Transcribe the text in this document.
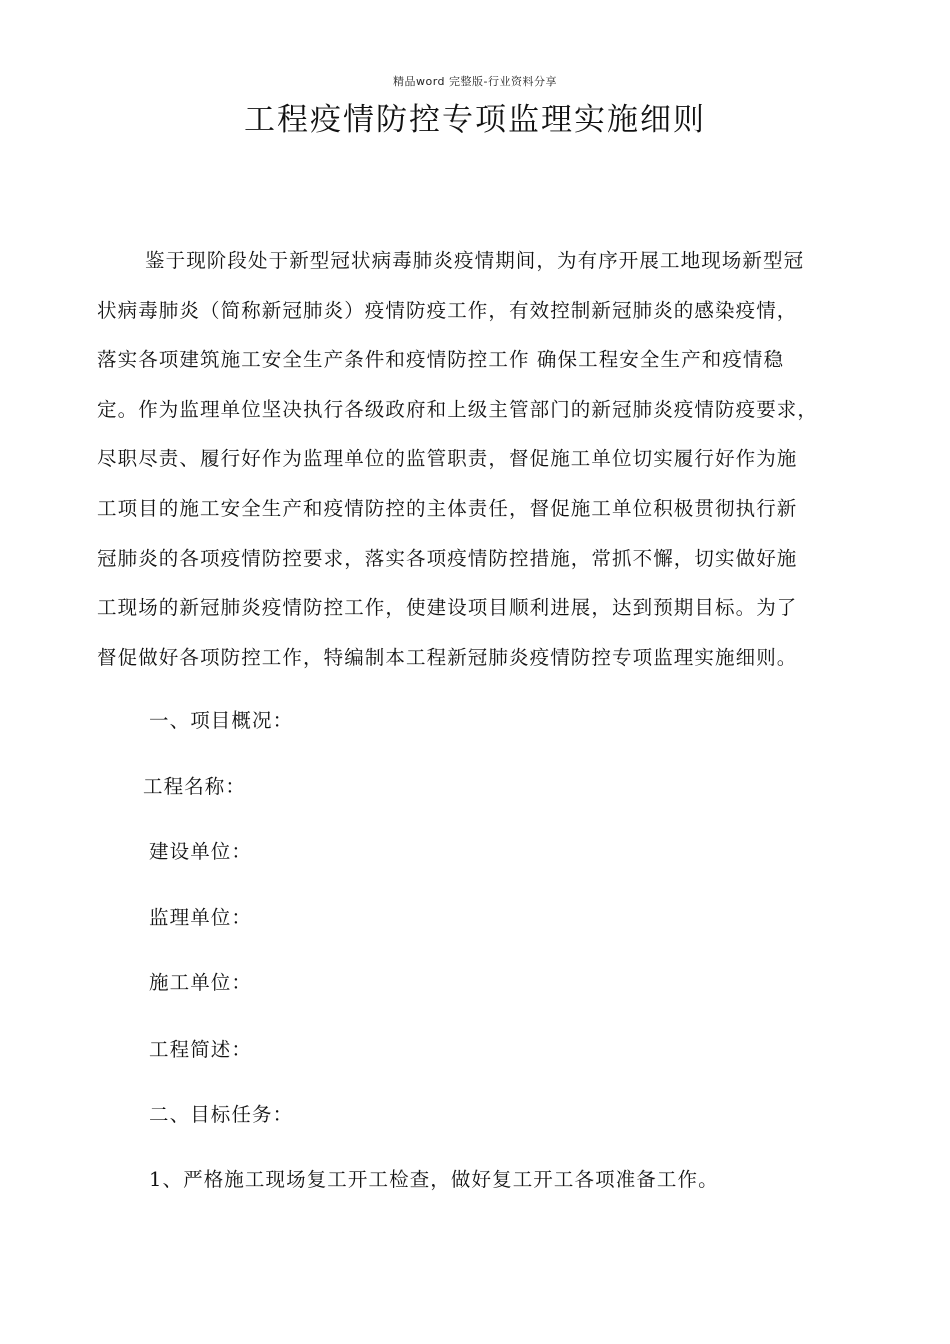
精品word 完整版-行业资料分享
工程疫情防控专项监理实施细则
鉴于现阶段处于新型冠状病毒肺炎疫情期间，为有序开展工地现场新型冠
状病毒肺炎（简称新冠肺炎）疫情防疫工作，有效控制新冠肺炎的感染疫情，
落实各项建筑施工安全生产条件和疫情防控工作 确保工程安全生产和疫情稳
定。作为监理单位坚决执行各级政府和上级主管部门的新冠肺炎疫情防疫要求，
尽职尽责、履行好作为监理单位的监管职责，督促施工单位切实履行好作为施
工项目的施工安全生产和疫情防控的主体责任，督促施工单位积极贯彻执行新
冠肺炎的各项疫情防控要求，落实各项疫情防控措施，常抓不懈，切实做好施
工现场的新冠肺炎疫情防控工作，使建设项目顺利进展，达到预期目标。为了
督促做好各项防控工作，特编制本工程新冠肺炎疫情防控专项监理实施细则。
一、项目概况：
工程名称：
建设单位：
监理单位：
施工单位：
工程简述：
二、目标任务：
1、严格施工现场复工开工检查，做好复工开工各项准备工作。
